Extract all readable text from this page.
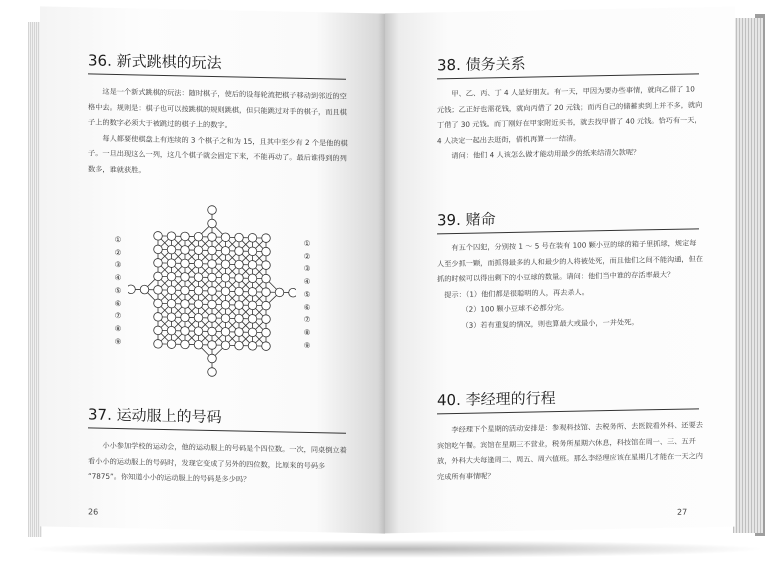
36. 新式跳棋的玩法

这是一个新式跳棋的玩法：随时棋子，使后的设每轮流把棋子移动到邻近的空格中去。规则是：棋子也可以按跳棋的规则跳棋，但只能跳过对手的棋子，而且棋子上的数字必须大于被跳过的棋子上的数字。

每人都要使棋盘上有连续的 3 个棋子之和为 15，且其中至少有 2 个是他的棋子。一旦出现这么一列，这几个棋子就会固定下来，不能再动了。最后谁得到的列数多，谁就获胜。

①
②
③
④
⑤
⑥
⑦
⑧
⑨
①
②
③
④
⑤
⑥
⑦
⑧
⑨
37. 运动服上的号码

小小参加学校的运动会，他的运动服上的号码是个四位数。一次，同桌倒立着看小小的运动服上的号码时，发现它变成了另外的四位数，比原来的号码多 “7875”。你知道小小的运动服上的号码是多少吗？

26
38. 债务关系

甲、乙、丙、丁 4 人是好朋友。有一天，甲因为要办些事情，就向乙借了 10 元钱；乙正好也需花钱，就向丙借了 20 元钱；而丙自己的储蓄卖到上并不多，就向丁借了 30 元钱。而丁刚好在甲家附近买书，就去找甲借了 40 元钱。恰巧有一天，4 人决定一起出去逛街，借机再算一一结清。

请问：他们 4 人该怎么做才能动用最少的纸来结清欠款呢？

39. 赌命

有五个囚犯，分别按 1 ～ 5 号在装有 100 颗小豆的球的箱子里抓球，规定每人至少抓一颗，而抓得最多的人和最少的人将被处死，而且他们之间不能沟通，但在抓的时候可以得出剩下的小豆球的数量。请问：他们当中谁的存活率最大？

提示：（1）他们都是很聪明的人，再去杀人。

（2）100 颗小豆球不必都分完。

（3）若有重复的情况，则也算最大或最小，一并处死。

40. 李经理的行程

李经理下个星期的活动安排是：参观科技馆、去税务所、去医院看外科、还要去宾馆吃午餐。宾馆在星期三不营业，税务所星期六休息，科技馆在周一、三、五开放，外科大夫每逢周二、周五、周六值班。那么李经理应该在星期几才能在一天之内完成所有事情呢？

27
